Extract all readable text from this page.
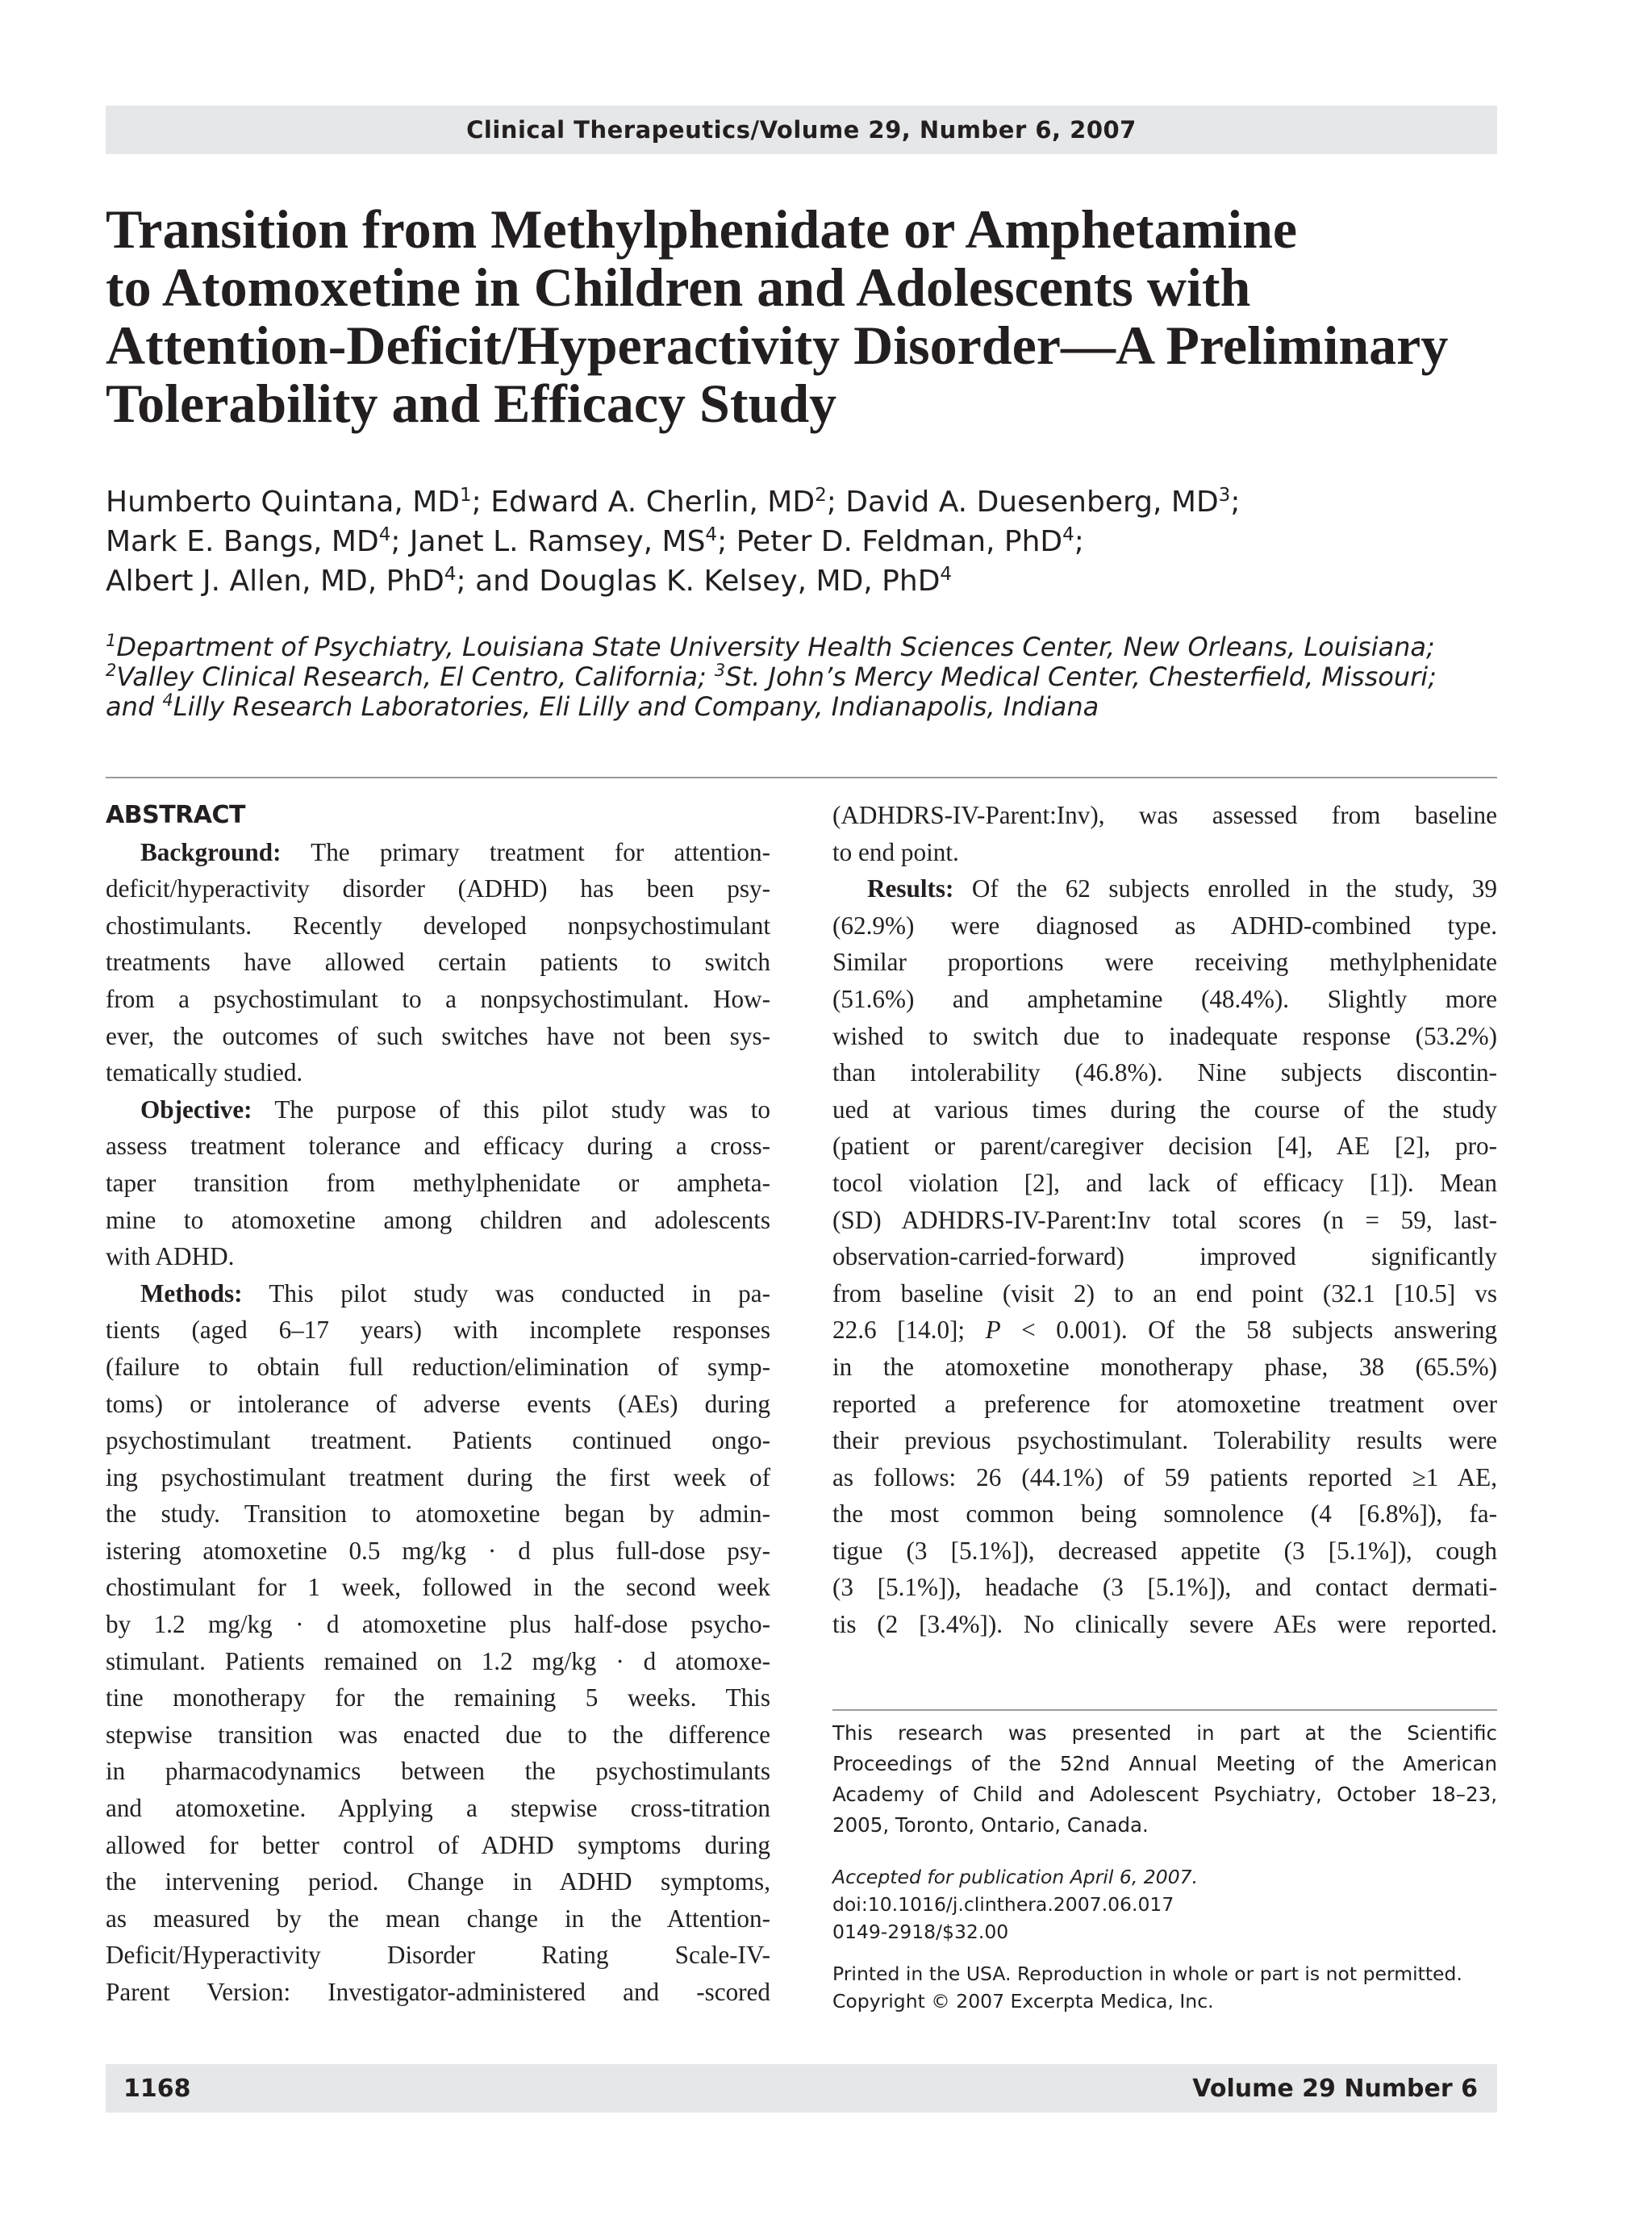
Clinical Therapeutics/Volume 29, Number 6, 2007
Transition from Methylphenidate or Amphetamine
to Atomoxetine in Children and Adolescents with
Attention-Deficit/Hyperactivity Disorder—A Preliminary
Tolerability and Efficacy Study
Humberto Quintana, $MD^1$; Edward A. Cherlin, $MD^2$; David A. Duesenberg, $MD^3$;
Mark E. Bangs, $MD^4$; Janet L. Ramsey, $MS^4$; Peter D. Feldman, PhD$^4$;
Albert J. Allen, MD, PhD$^4$; and Douglas K. Kelsey, MD, PhD$^4$
$^1$Department of Psychiatry, Louisiana State University Health Sciences Center, New Orleans, Louisiana;
$^2$Valley Clinical Research, El Centro, California; $^3$St. John’s Mercy Medical Center, Chesterfield, Missouri;
and $^4$Lilly Research Laboratories, Eli Lilly and Company, Indianapolis, Indiana
ABSTRACT
Background: The primary treatment for attention-
deficit/hyperactivity disorder (ADHD) has been psy-
chostimulants. Recently developed nonpsychostimulant
treatments have allowed certain patients to switch
from a psychostimulant to a nonpsychostimulant. How-
ever, the outcomes of such switches have not been sys-
tematically studied.
Objective: The purpose of this pilot study was to
assess treatment tolerance and efficacy during a cross-
taper transition from methylphenidate or ampheta-
mine to atomoxetine among children and adolescents
with ADHD.
Methods: This pilot study was conducted in pa-
tients (aged 6–17 years) with incomplete responses
(failure to obtain full reduction/elimination of symp-
toms) or intolerance of adverse events (AEs) during
psychostimulant treatment. Patients continued ongo-
ing psychostimulant treatment during the first week of
the study. Transition to atomoxetine began by admin-
istering atomoxetine 0.5 mg/kg · d plus full-dose psy-
chostimulant for 1 week, followed in the second week
by 1.2 mg/kg · d atomoxetine plus half-dose psycho-
stimulant. Patients remained on 1.2 mg/kg · d atomoxe-
tine monotherapy for the remaining 5 weeks. This
stepwise transition was enacted due to the difference
in pharmacodynamics between the psychostimulants
and atomoxetine. Applying a stepwise cross-titration
allowed for better control of ADHD symptoms during
the intervening period. Change in ADHD symptoms,
as measured by the mean change in the Attention-
Deficit/Hyperactivity Disorder Rating Scale-IV-
Parent Version: Investigator-administered and -scored
(ADHDRS-IV-Parent:Inv), was assessed from baseline
to end point.
Results: Of the 62 subjects enrolled in the study, 39
(62.9%) were diagnosed as ADHD-combined type.
Similar proportions were receiving methylphenidate
(51.6%) and amphetamine (48.4%). Slightly more
wished to switch due to inadequate response (53.2%)
than intolerability (46.8%). Nine subjects discontin-
ued at various times during the course of the study
(patient or parent/caregiver decision [4], AE [2], pro-
tocol violation [2], and lack of efficacy [1]). Mean
(SD) ADHDRS-IV-Parent:Inv total scores (n = 59, last-
observation-carried-forward) improved significantly
from baseline (visit 2) to an end point (32.1 [10.5] vs
22.6 [14.0]; P < 0.001). Of the 58 subjects answering
in the atomoxetine monotherapy phase, 38 (65.5%)
reported a preference for atomoxetine treatment over
their previous psychostimulant. Tolerability results were
as follows: 26 (44.1%) of 59 patients reported ≥1 AE,
the most common being somnolence (4 [6.8%]), fa-
tigue (3 [5.1%]), decreased appetite (3 [5.1%]), cough
(3 [5.1%]), headache (3 [5.1%]), and contact dermati-
tis (2 [3.4%]). No clinically severe AEs were reported.
This research was presented in part at the Scientific
Proceedings of the 52nd Annual Meeting of the American
Academy of Child and Adolescent Psychiatry, October 18–23,
2005, Toronto, Ontario, Canada.
Accepted for publication April 6, 2007.
doi:10.1016/j.clinthera.2007.06.017
0149-2918/$32.00
Printed in the USA. Reproduction in whole or part is not permitted.
Copyright © 2007 Excerpta Medica, Inc.
1168	Volume 29 Number 6
